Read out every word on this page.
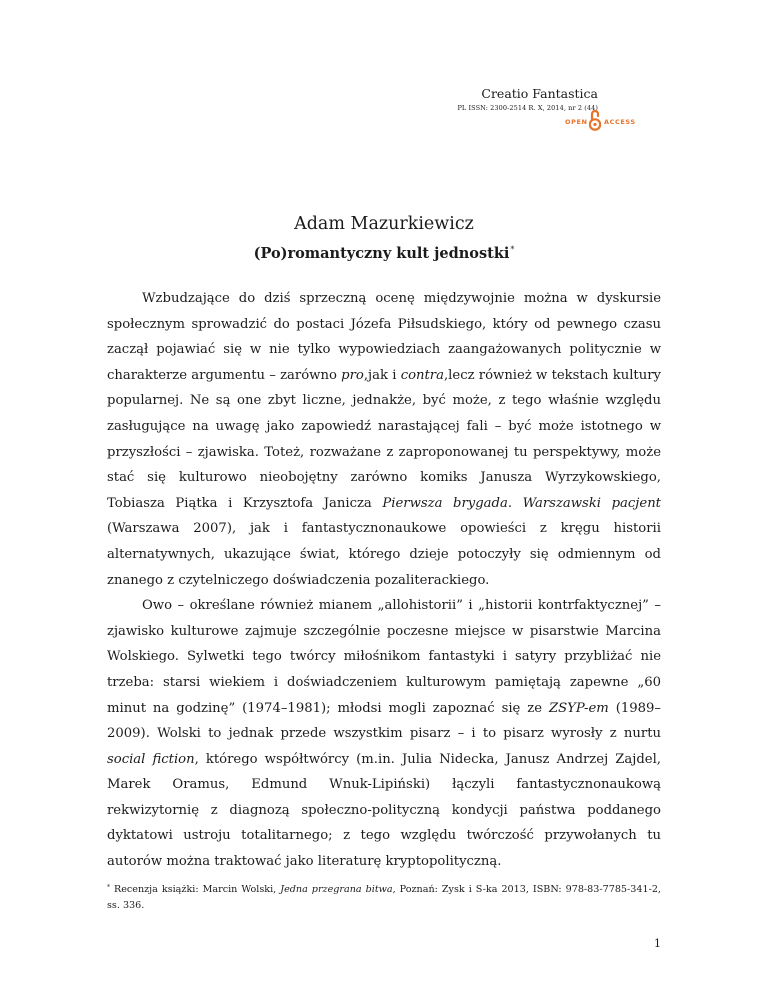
Creatio Fantastica
PL ISSN: 2300-2514 R. X, 2014, nr 2 (44)
OPEN	ACCESS
Adam Mazurkiewicz
(Po)romantyczny kult jednostki*

Wzbudzające do dziś sprzeczną ocenę międzywojnie można w dyskursie społecznym sprowadzić do postaci Józefa Piłsudskiego, który od pewnego czasu zaczął pojawiać się w nie tylko wypowiedziach zaangażowanych politycznie w charakterze argumentu – zarówno pro,jak i contra,lecz również w tekstach kultury popularnej. Ne są one zbyt liczne, jednakże, być może, z tego właśnie względu zasługujące na uwagę jako zapowiedź narastającej fali – być może istotnego w przyszłości – zjawiska. Toteż, rozważane z zaproponowanej tu perspektywy, może stać się kulturowo nieobojętny zarówno komiks Janusza Wyrzykowskiego, Tobiasza Piątka i Krzysztofa Janicza Pierwsza brygada. Warszawski pacjent (Warszawa 2007), jak i fantastycznonaukowe opowieści z kręgu historii alternatywnych, ukazujące świat, którego dzieje potoczyły się odmiennym od znanego z czytelniczego doświadczenia pozaliterackiego.

Owo – określane również mianem „allohistorii” i „historii kontrfaktycznej” – zjawisko kulturowe zajmuje szczególnie poczesne miejsce w pisarstwie Marcina Wolskiego. Sylwetki tego twórcy miłośnikom fantastyki i satyry przybliżać nie trzeba: starsi wiekiem i doświadczeniem kulturowym pamiętają zapewne „60 minut na godzinę” (1974–1981); młodsi mogli zapoznać się ze ZSYP-em (1989–2009). Wolski to jednak przede wszystkim pisarz – i to pisarz wyrosły z nurtu social fiction, którego współtwórcy (m.in. Julia Nidecka, Janusz Andrzej Zajdel, Marek Oramus, Edmund Wnuk-Lipiński) łączyli fantastycznonaukową rekwizytornię z diagnozą społeczno-polityczną kondycji państwa poddanego dyktatowi ustroju totalitarnego; z tego względu twórczość przywołanych tu autorów można traktować jako literaturę kryptopolityczną.

* Recenzja książki: Marcin Wolski, Jedna przegrana bitwa, Poznań: Zysk i S-ka 2013, ISBN: 978-83-7785-341-2, ss. 336.
1
